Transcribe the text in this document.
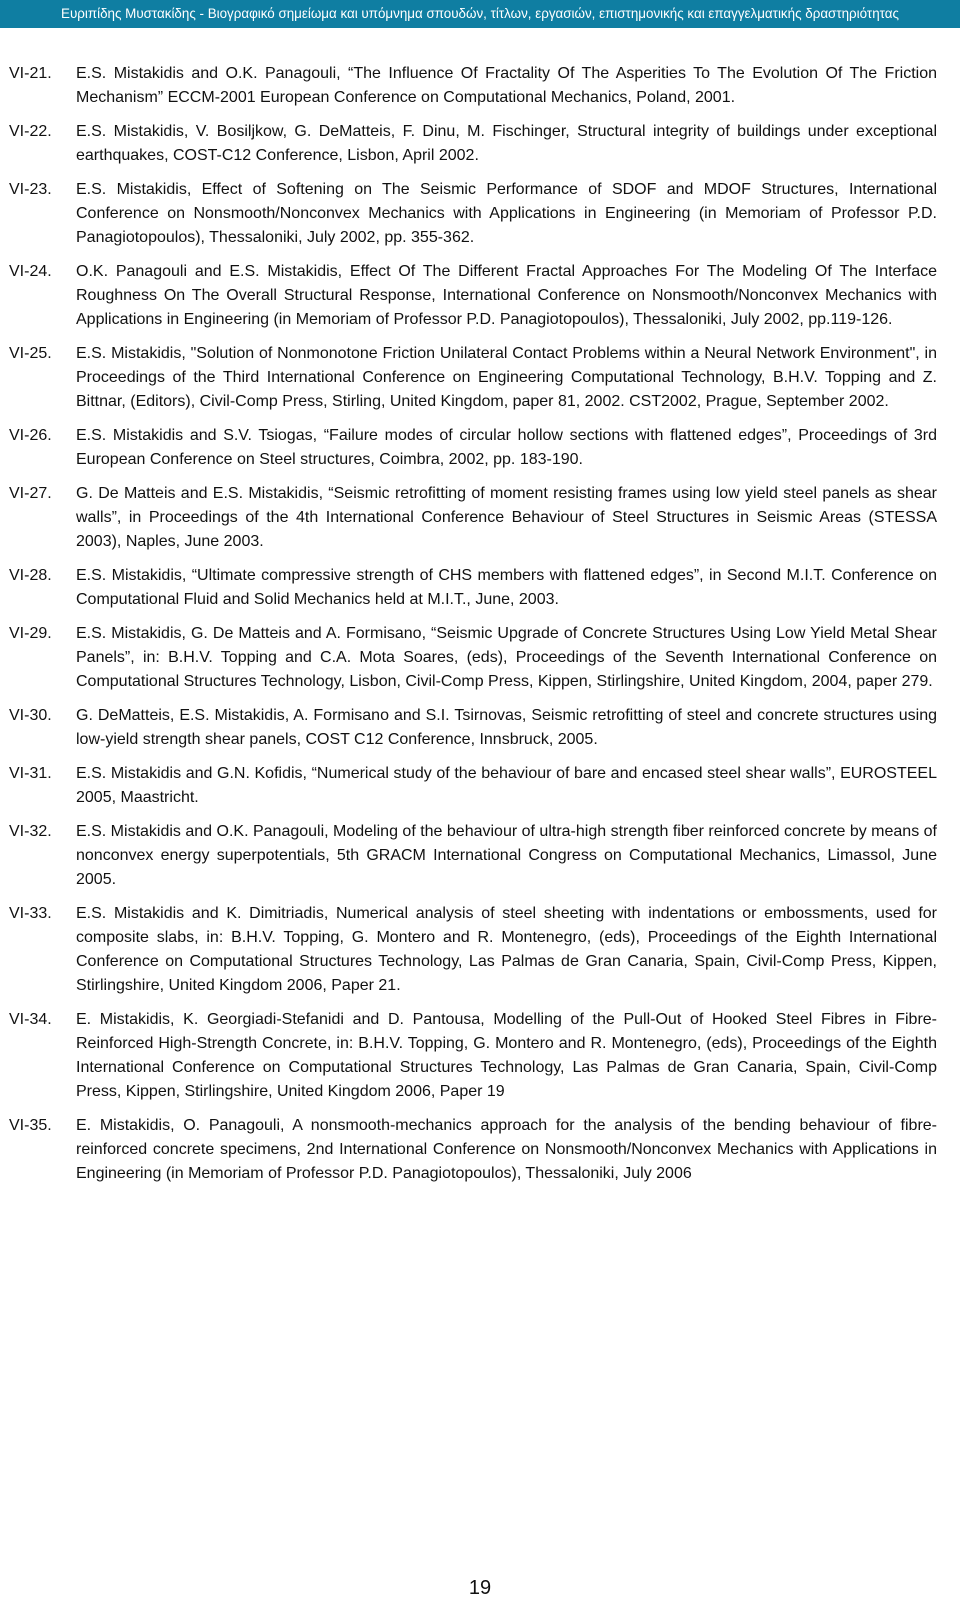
Ευριπίδης Μυστακίδης - Βιογραφικό σημείωμα και υπόμνημα σπουδών, τίτλων, εργασιών, επιστημονικής και επαγγελματικής δραστηριότητας
VI-21.	E.S. Mistakidis and O.K. Panagouli, “The Influence Of Fractality Of The Asperities To The Evolution Of The Friction Mechanism” ECCM-2001 European Conference on Computational Mechanics, Poland, 2001.
VI-22.	E.S. Mistakidis, V. Bosiljkow, G. DeMatteis, F. Dinu, M. Fischinger, Structural integrity of buildings under exceptional earthquakes, COST-C12 Conference, Lisbon, April 2002.
VI-23.	E.S. Mistakidis, Effect of Softening on The Seismic Performance of SDOF and MDOF Structures, International Conference on Nonsmooth/Nonconvex Mechanics with Applications in Engineering (in Memoriam of Professor P.D. Panagiotopoulos), Thessaloniki, July 2002, pp. 355-362.
VI-24.	O.K. Panagouli and E.S. Mistakidis, Effect Of The Different Fractal Approaches For The Modeling Of The Interface Roughness On The Overall Structural Response, International Conference on Nonsmooth/Nonconvex Mechanics with Applications in Engineering (in Memoriam of Professor P.D. Panagiotopoulos), Thessaloniki, July 2002, pp.119-126.
VI-25.	E.S. Mistakidis, "Solution of Nonmonotone Friction Unilateral Contact Problems within a Neural Network Environment", in Proceedings of the Third International Conference on Engineering Computational Technology, B.H.V. Topping and Z. Bittnar, (Editors), Civil-Comp Press, Stirling, United Kingdom, paper 81, 2002. CST2002, Prague, September 2002.
VI-26.	E.S. Mistakidis and S.V. Tsiogas, “Failure modes of circular hollow sections with flattened edges”, Proceedings of 3rd European Conference on Steel structures, Coimbra, 2002, pp. 183-190.
VI-27.	G. De Matteis and E.S. Mistakidis, “Seismic retrofitting of moment resisting frames using low yield steel panels as shear walls”, in Proceedings of the 4th International Conference Behaviour of Steel Structures in Seismic Areas (STESSA 2003), Naples, June 2003.
VI-28.	E.S. Mistakidis, “Ultimate compressive strength of CHS members with flattened edges”, in Second M.I.T. Conference on Computational Fluid and Solid Mechanics held at M.I.T., June, 2003.
VI-29.	E.S. Mistakidis, G. De Matteis and A. Formisano, “Seismic Upgrade of Concrete Structures Using Low Yield Metal Shear Panels”, in: B.H.V. Topping and C.A. Mota Soares, (eds), Proceedings of the Seventh International Conference on Computational Structures Technology, Lisbon, Civil-Comp Press, Kippen, Stirlingshire, United Kingdom, 2004, paper 279.
VI-30.	G. DeMatteis, E.S. Mistakidis, A. Formisano and S.I. Tsirnovas, Seismic retrofitting of steel and concrete structures using low-yield strength shear panels, COST C12 Conference, Innsbruck, 2005.
VI-31.	E.S. Mistakidis and G.N. Kofidis, “Numerical study of the behaviour of bare and encased steel shear walls”, EUROSTEEL 2005, Maastricht.
VI-32.	E.S. Mistakidis and O.K. Panagouli, Modeling of the behaviour of ultra-high strength fiber reinforced concrete by means of nonconvex energy superpotentials, 5th GRACM International Congress on Computational Mechanics, Limassol, June 2005.
VI-33.	E.S. Mistakidis and K. Dimitriadis, Numerical analysis of steel sheeting with indentations or embossments, used for composite slabs, in: B.H.V. Topping, G. Montero and R. Montenegro, (eds), Proceedings of the Eighth International Conference on Computational Structures Technology, Las Palmas de Gran Canaria, Spain, Civil-Comp Press, Kippen, Stirlingshire, United Kingdom 2006, Paper 21.
VI-34.	E. Mistakidis, K. Georgiadi-Stefanidi and D. Pantousa, Modelling of the Pull-Out of Hooked Steel Fibres in Fibre-Reinforced High-Strength Concrete, in: B.H.V. Topping, G. Montero and R. Montenegro, (eds), Proceedings of the Eighth International Conference on Computational Structures Technology, Las Palmas de Gran Canaria, Spain, Civil-Comp Press, Kippen, Stirlingshire, United Kingdom 2006, Paper 19
VI-35.	E. Mistakidis, O. Panagouli, A nonsmooth-mechanics approach for the analysis of the bending behaviour of fibre-reinforced concrete specimens, 2nd International Conference on Nonsmooth/Nonconvex Mechanics with Applications in Engineering (in Memoriam of Professor P.D. Panagiotopoulos), Thessaloniki, July 2006
19
